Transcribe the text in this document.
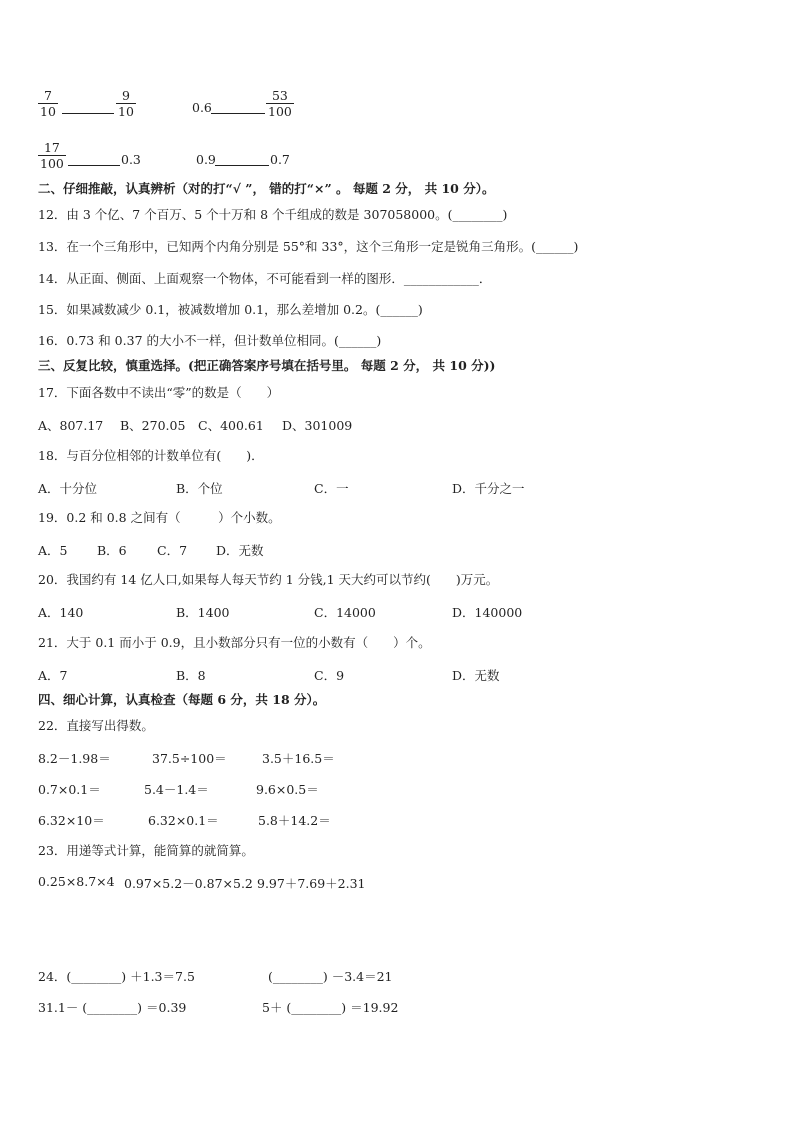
$\frac{7}{10}$	$\frac{9}{10}$	0.6	$\frac{53}{100}$
$\frac{17}{100}$	0.3	0.9	0.7
二、仔细推敲，认真辨析（对的打“√ ”， 错的打“×” 。 每题 2 分， 共 10 分）。
12．由 3 个亿、7 个百万、5 个十万和 8 个千组成的数是 307058000。(________)
13．在一个三角形中，已知两个内角分别是 55°和 33°，这个三角形一定是锐角三角形。(______)
14．从正面、侧面、上面观察一个物体，不可能看到一样的图形．____________．
15．如果减数减少 0.1，被减数增加 0.1，那么差增加 0.2。(______)
16．0.73 和 0.37 的大小不一样，但计数单位相同。(______)
三、反复比较，慎重选择。(把正确答案序号填在括号里。 每题 2 分， 共 10 分))
17．下面各数中不读出“零”的数是（　　）
A、807.17 B、270.05 C、400.61 D、301009
18．与百分位相邻的计数单位有(　　)．
A．十分位	B．个位	C．一	D．千分之一
19．0.2 和 0.8 之间有（　　　）个小数。
A．5 B．6 C．7 D．无数
20．我国约有 14 亿人口,如果每人每天节约 1 分钱,1 天大约可以节约(　　)万元。
A．140	B．1400	C．14000	D．140000
21．大于 0.1 而小于 0.9，且小数部分只有一位的小数有（　　）个。
A．7	B．8	C．9	D．无数
四、细心计算，认真检查（每题 6 分，共 18 分）。
22．直接写出得数。
8.2－1.98＝	37.5÷100＝	3.5＋16.5＝
0.7×0.1＝	5.4－1.4＝	9.6×0.5＝
6.32×10＝	6.32×0.1＝	5.8＋14.2＝
23．用递等式计算，能简算的就简算。
0.25×8.7×4 0.97×5.2－0.87×5.2 9.97＋7.69＋2.31
24．(________) ＋1.3＝7.5	(________) －3.4＝21
31.1－ (________) ＝0.39	5＋ (________) ＝19.92
